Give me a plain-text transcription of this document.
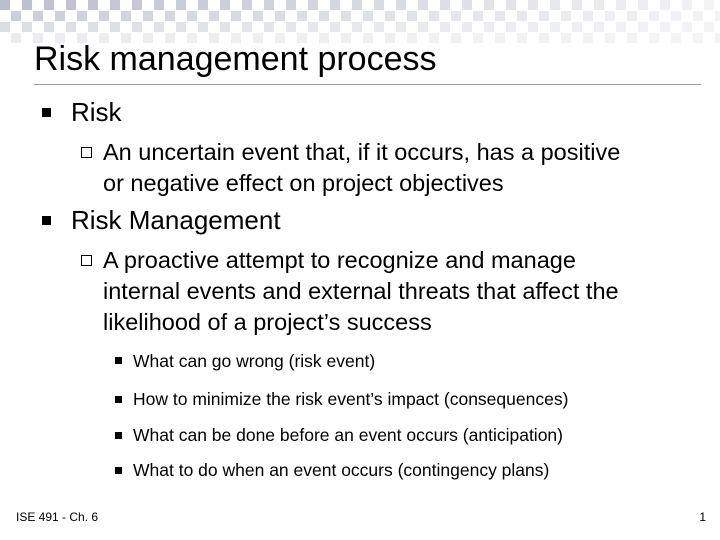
Risk management process
Risk
An uncertain event that, if it occurs, has a positive
or negative effect on project objectives
Risk Management
A proactive attempt to recognize and manage
internal events and external threats that affect the
likelihood of a project’s success
What can go wrong (risk event)
How to minimize the risk event’s impact (consequences)
What can be done before an event occurs (anticipation)
What to do when an event occurs (contingency plans)
ISE 491 - Ch. 6	1
